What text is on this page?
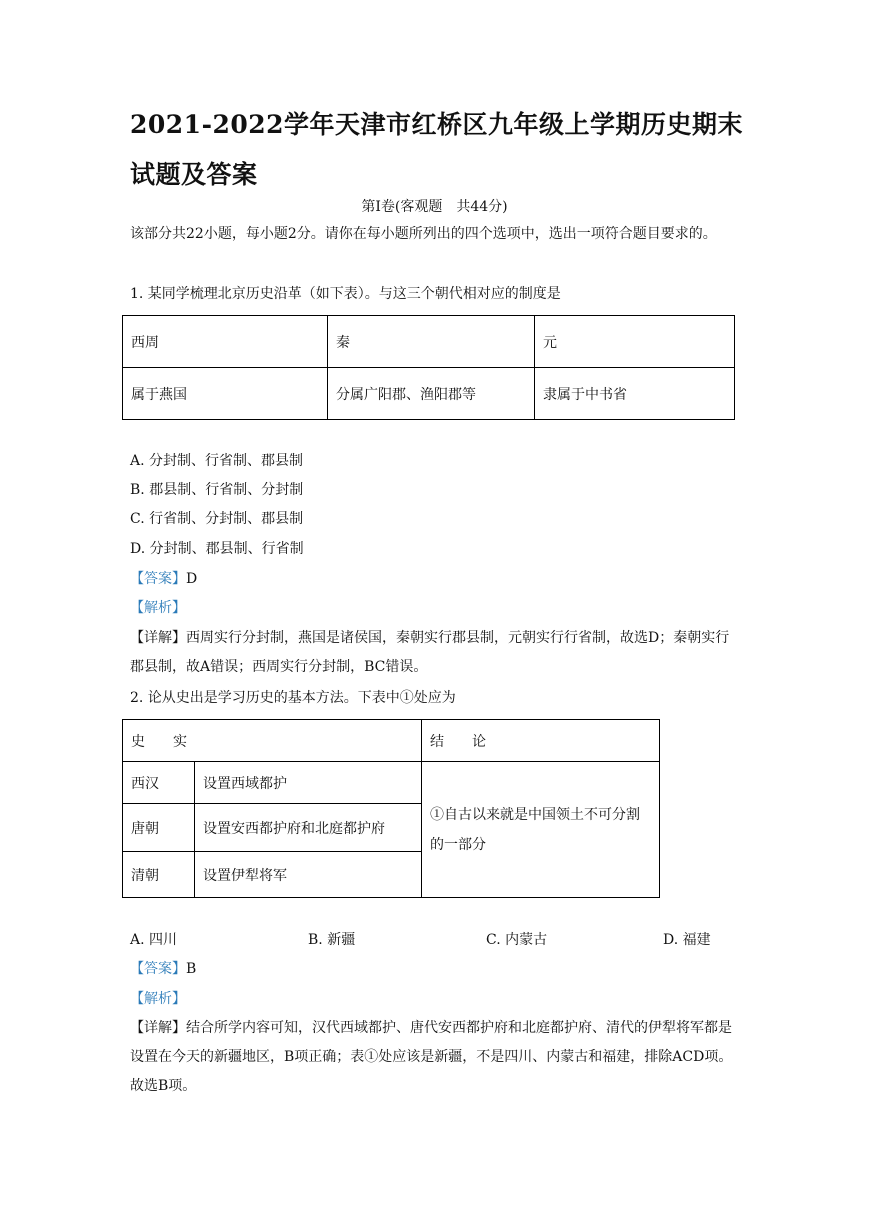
2021-2022学年天津市红桥区九年级上学期历史期末试题及答案
第Ⅰ卷(客观题　共44分)
该部分共22小题，每小题2分。请你在每小题所列出的四个选项中，选出一项符合题目要求的。
1. 某同学梳理北京历史沿革（如下表）。与这三个朝代相对应的制度是
西周	秦	元
属于燕国	分属广阳郡、渔阳郡等	隶属于中书省
A. 分封制、行省制、郡县制
B. 郡县制、行省制、分封制
C. 行省制、分封制、郡县制
D. 分封制、郡县制、行省制
【答案】D
【解析】
【详解】西周实行分封制，燕国是诸侯国，秦朝实行郡县制，元朝实行行省制，故选D；秦朝实行郡县制，故A错误；西周实行分封制，BC错误。
2. 论从史出是学习历史的基本方法。下表中①处应为
史　　实		结　　论
西汉	设置西域都护	①自古以来就是中国领土不可分割的一部分
唐朝	设置安西都护府和北庭都护府	
清朝	设置伊犁将军	
A. 四川	B. 新疆	C. 内蒙古	D. 福建
【答案】B
【解析】
【详解】结合所学内容可知，汉代西域都护、唐代安西都护府和北庭都护府、清代的伊犁将军都是设置在今天的新疆地区，B项正确；表①处应该是新疆，不是四川、内蒙古和福建，排除ACD项。故选B项。
